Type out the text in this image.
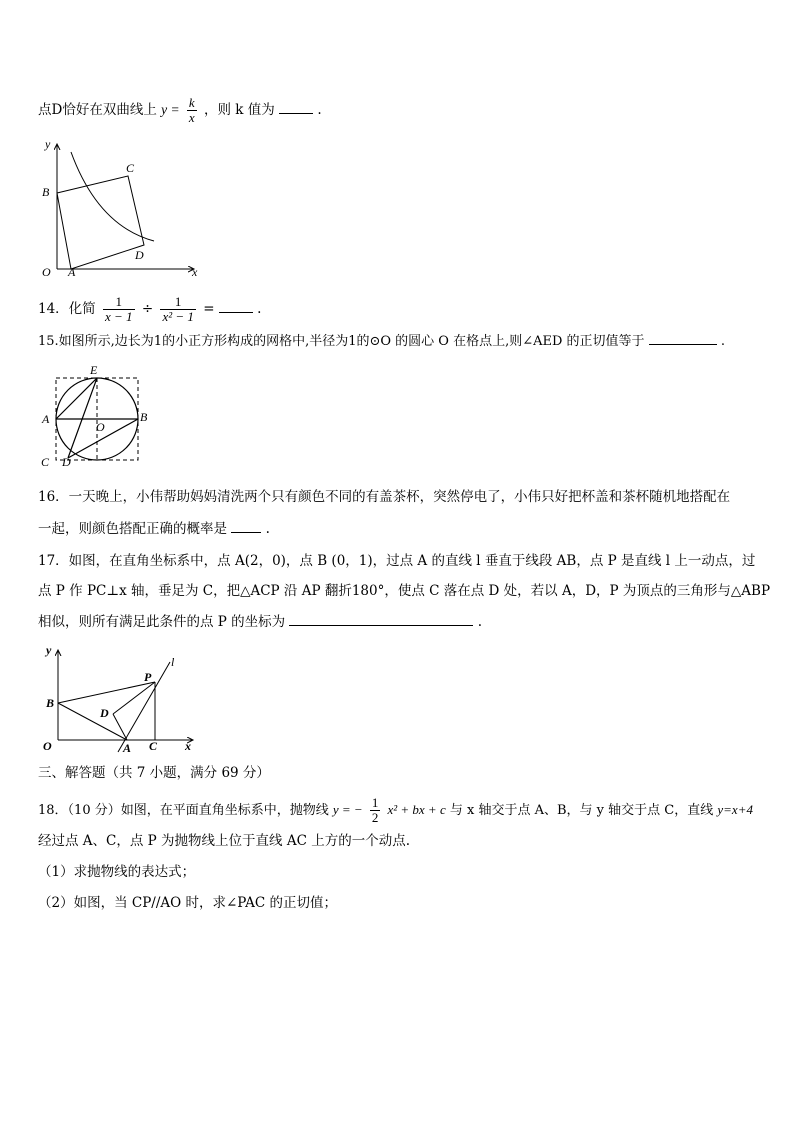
点D恰好在双曲线上 $y = \frac{k}{x}$ ，则 k 值为	.
y
x
O A
B
C
D
14．化简 $\frac{1}{x - 1} \div \frac{1}{\text{x² − 1}}$ =	.
15.如图所示,边长为1的小正方形构成的网格中,半径为1的⊙O 的圆心 O 在格点上,则∠AED 的正切值等于	.
E
A	B
O
C D
16．一天晚上，小伟帮助妈妈清洗两个只有颜色不同的有盖茶杯，突然停电了，小伟只好把杯盖和茶杯随机地搭配在
一起，则颜色搭配正确的概率是	.
17．如图，在直角坐标系中，点 A(2，0)，点 B (0，1)，过点 A 的直线 l 垂直于线段 AB，点 P 是直线 l 上一动点，过
点 P 作 PC⊥x 轴，垂足为 C，把△ACP 沿 AP 翻折180°，使点 C 落在点 D 处，若以 A，D，P 为顶点的三角形与△ABP
相似，则所有满足此条件的点 P 的坐标为	.
y
x
O
B
A C
D
P
l
三、解答题（共 7 小题，满分 69 分）
18．（10 分）如图，在平面直角坐标系中，抛物线 y = − $\frac{1}{2} x^2$ + bx + c 与 x 轴交于点 A、B，与 y 轴交于点 C，直线 y=x+4
经过点 A、C，点 P 为抛物线上位于直线 AC 上方的一个动点.
（1）求抛物线的表达式；
（2）如图，当 CP//AO 时，求∠PAC 的正切值；
